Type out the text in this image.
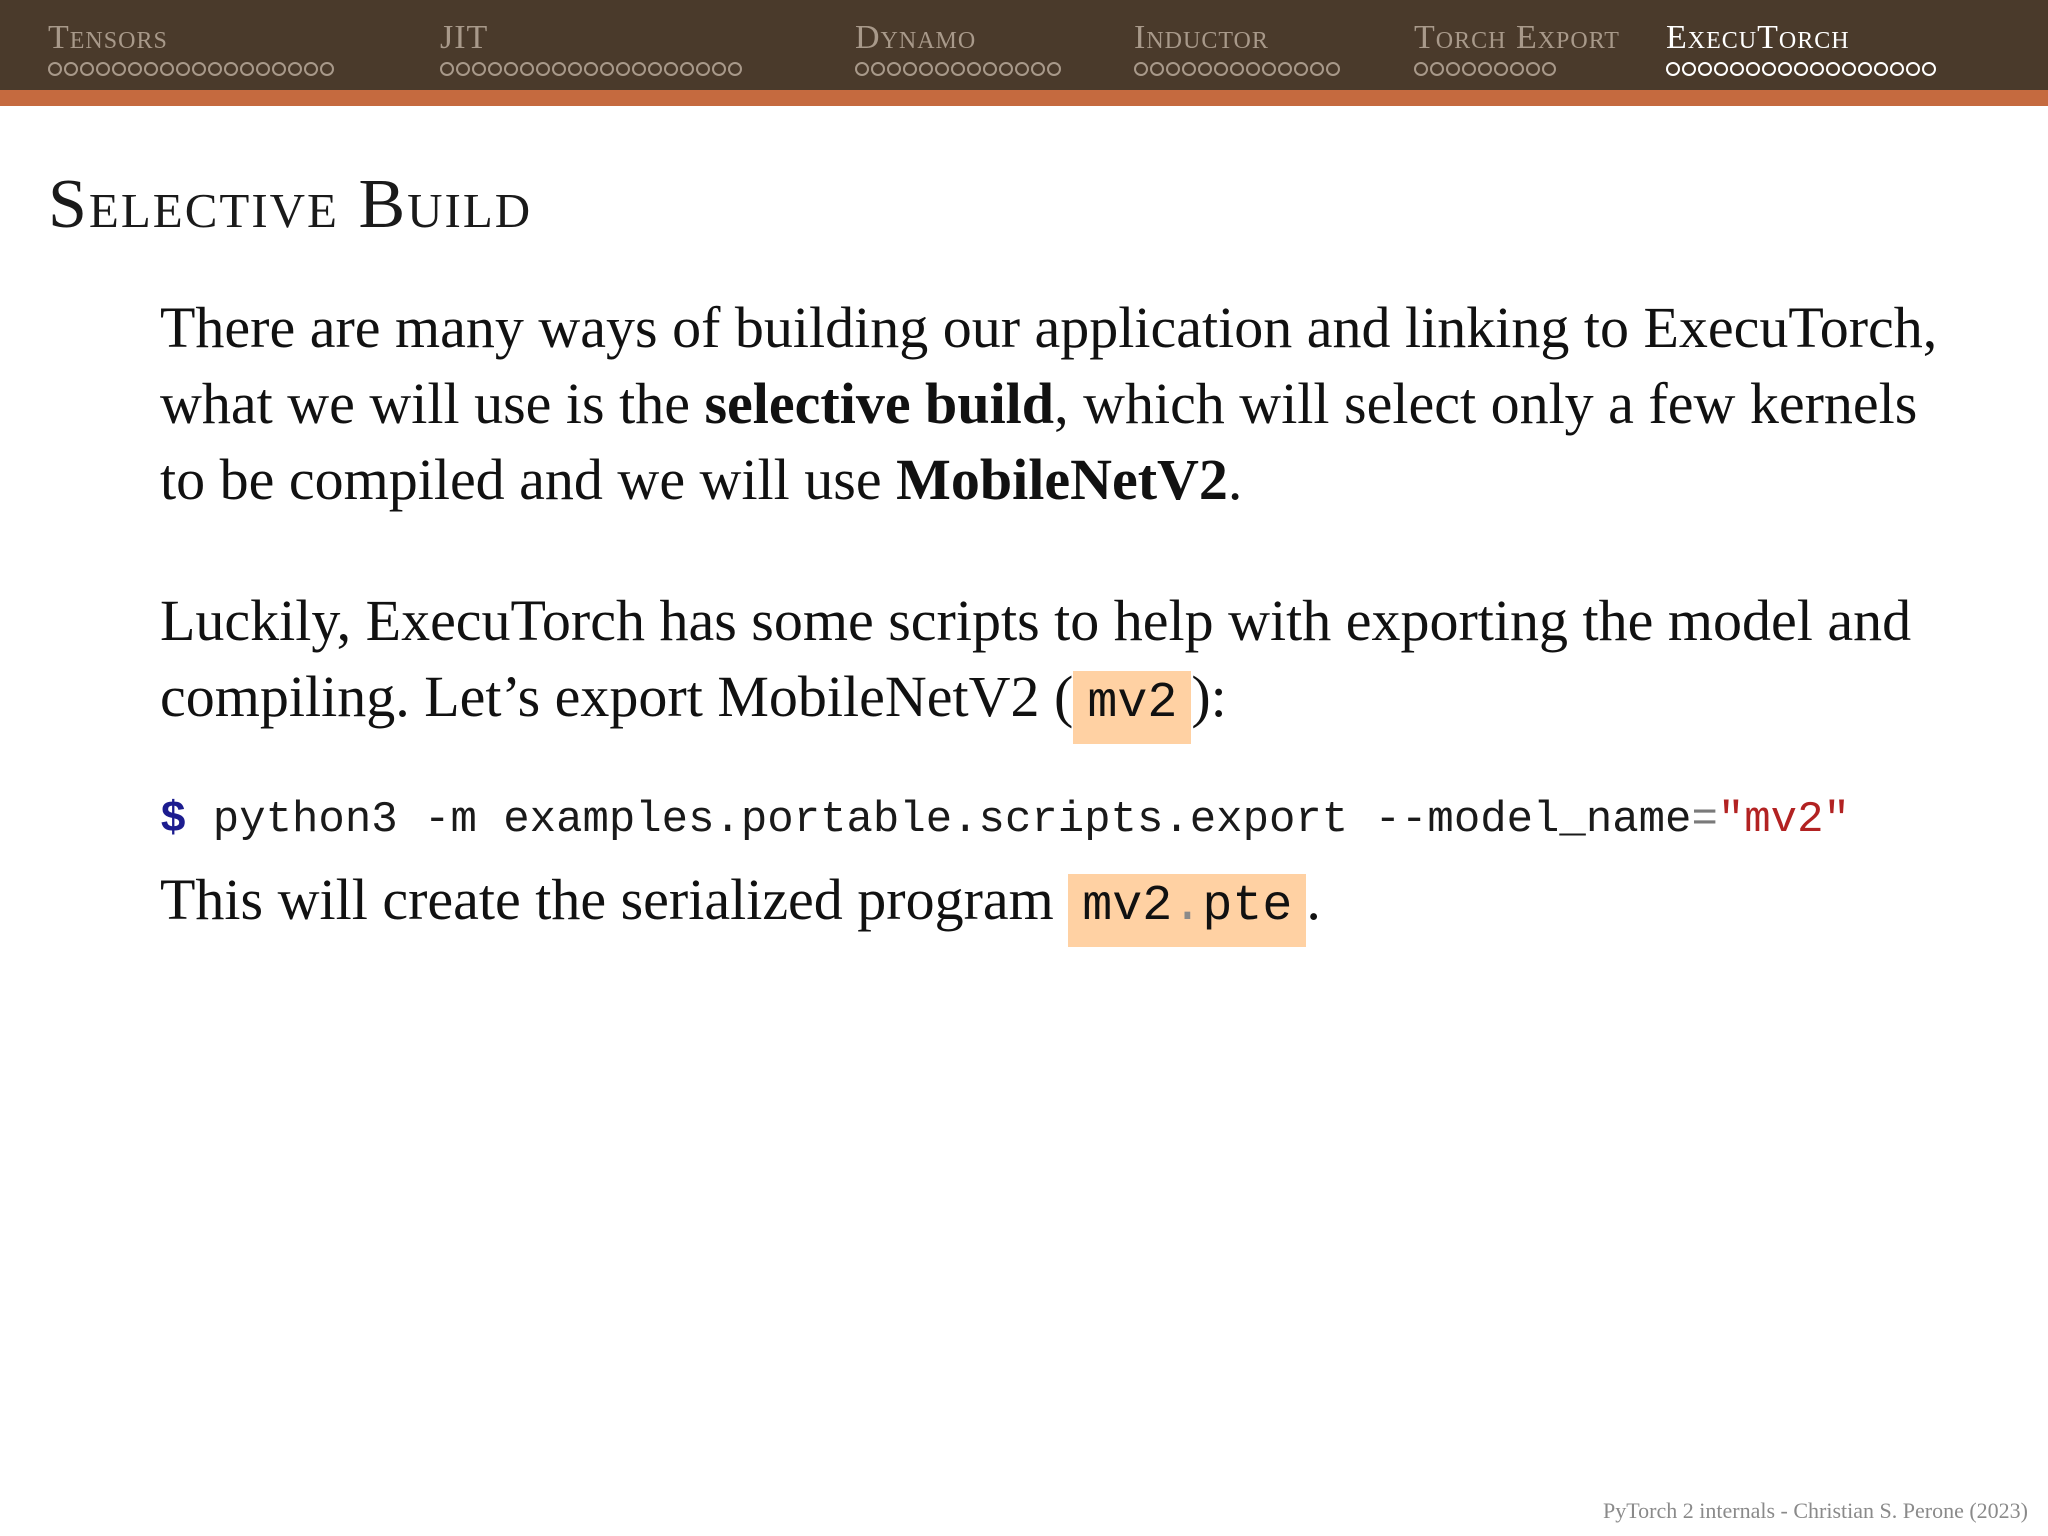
Tensors	JIT	Dynamo	Inductor	Torch Export	ExecuTorch
Selective Build

There are many ways of building our application and linking to ExecuTorch, what we will use is the selective build, which will select only a few kernels to be compiled and we will use MobileNetV2.

Luckily, ExecuTorch has some scripts to help with exporting the model and compiling. Let’s export MobileNetV2 ( mv2 ):

$ python3 -m examples.portable.scripts.export --model_name="mv2"

This will create the serialized program mv2.pte .

PyTorch 2 internals - Christian S. Perone (2023)
